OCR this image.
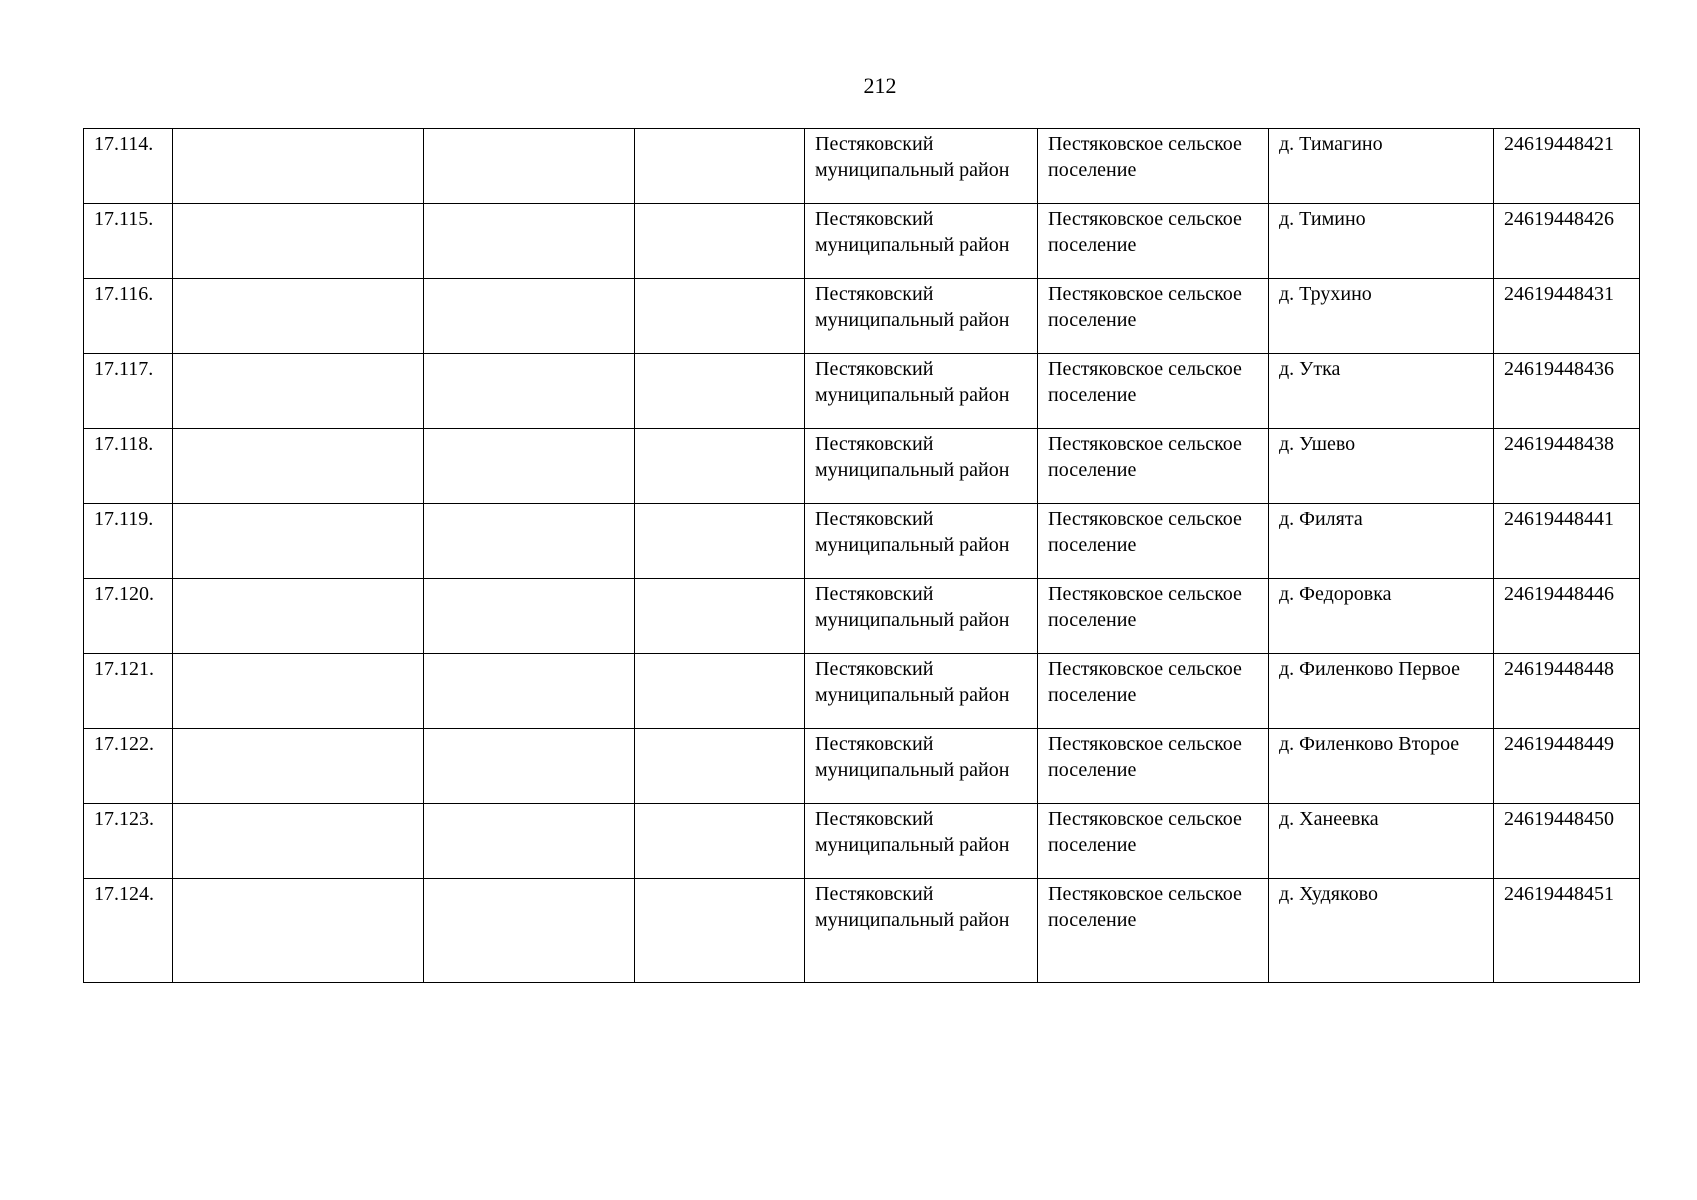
212
17.114.				Пестяковский муниципальный район	Пестяковское сельское поселение	д. Тимагино	24619448421
17.115.				Пестяковский муниципальный район	Пестяковское сельское поселение	д. Тимино	24619448426
17.116.				Пестяковский муниципальный район	Пестяковское сельское поселение	д. Трухино	24619448431
17.117.				Пестяковский муниципальный район	Пестяковское сельское поселение	д. Утка	24619448436
17.118.				Пестяковский муниципальный район	Пестяковское сельское поселение	д. Ушево	24619448438
17.119.				Пестяковский муниципальный район	Пестяковское сельское поселение	д. Филята	24619448441
17.120.				Пестяковский муниципальный район	Пестяковское сельское поселение	д. Федоровка	24619448446
17.121.				Пестяковский муниципальный район	Пестяковское сельское поселение	д. Филенково Первое	24619448448
17.122.				Пестяковский муниципальный район	Пестяковское сельское поселение	д. Филенково Второе	24619448449
17.123.				Пестяковский муниципальный район	Пестяковское сельское поселение	д. Ханеевка	24619448450
17.124.				Пестяковский муниципальный район	Пестяковское сельское поселение	д. Худяково	24619448451
